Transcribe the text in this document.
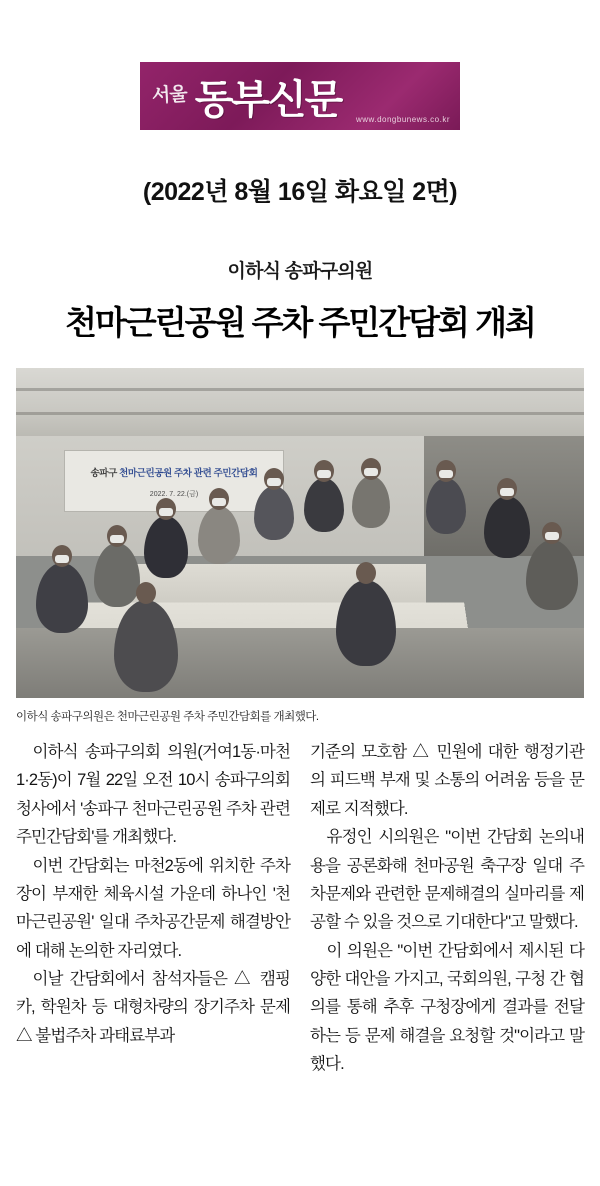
서울 동부신문 www.dongbunews.co.kr
(2022년 8월 16일 화요일 2면)
이하식 송파구의원
천마근린공원 주차 주민간담회 개최
송파구 천마근린공원 주차 관련 주민간담회
2022. 7. 22.(금)
이하식 송파구의원은 천마근린공원 주차 주민간담회를 개최했다.

이하식 송파구의회 의원(거여1동·마천1·2동)이 7월 22일 오전 10시 송파구의회 청사에서 '송파구 천마근린공원 주차 관련 주민간담회'를 개최했다.

이번 간담회는 마천2동에 위치한 주차장이 부재한 체육시설 가운데 하나인 '천마근린공원' 일대 주차공간문제 해결방안에 대해 논의한 자리였다.

이날 간담회에서 참석자들은 △ 캠핑카, 학원차 등 대형차량의 장기주차 문제 △ 불법주차 과태료부과

기준의 모호함 △ 민원에 대한 행정기관의 피드백 부재 및 소통의 어려움 등을 문제로 지적했다.

유정인 시의원은 "이번 간담회 논의내용을 공론화해 천마공원 축구장 일대 주차문제와 관련한 문제해결의 실마리를 제공할 수 있을 것으로 기대한다"고 말했다.

이 의원은 "이번 간담회에서 제시된 다양한 대안을 가지고, 국회의원, 구청 간 협의를 통해 추후 구청장에게 결과를 전달하는 등 문제 해결을 요청할 것"이라고 말했다.
